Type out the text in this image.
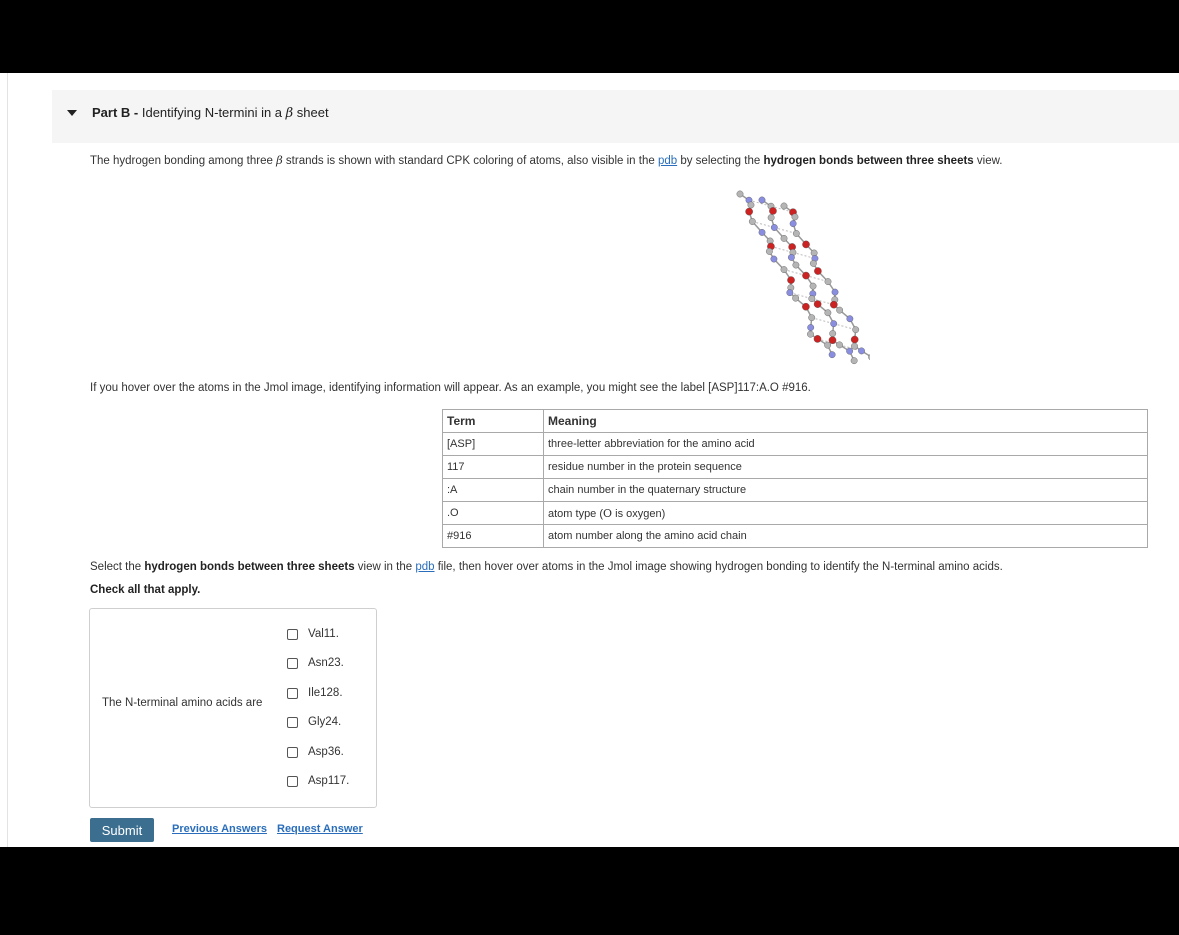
Part B - Identifying N-termini in a β sheet
The hydrogen bonding among three β strands is shown with standard CPK coloring of atoms, also visible in the pdb by selecting the hydrogen bonds between three sheets view.
If you hover over the atoms in the Jmol image, identifying information will appear. As an example, you might see the label [ASP]117:A.O #916.
Term	Meaning
[ASP]	three-letter abbreviation for the amino acid
117	residue number in the protein sequence
:A	chain number in the quaternary structure
.O	atom type (O is oxygen)
#916	atom number along the amino acid chain
Select the hydrogen bonds between three sheets view in the pdb file, then hover over atoms in the Jmol image showing hydrogen bonding to identify the N-terminal amino acids.
Check all that apply.
The N-terminal amino acids are
Val11.
Asn23.
Ile128.
Gly24.
Asp36.
Asp117.
Submit	Previous Answers Request Answer
